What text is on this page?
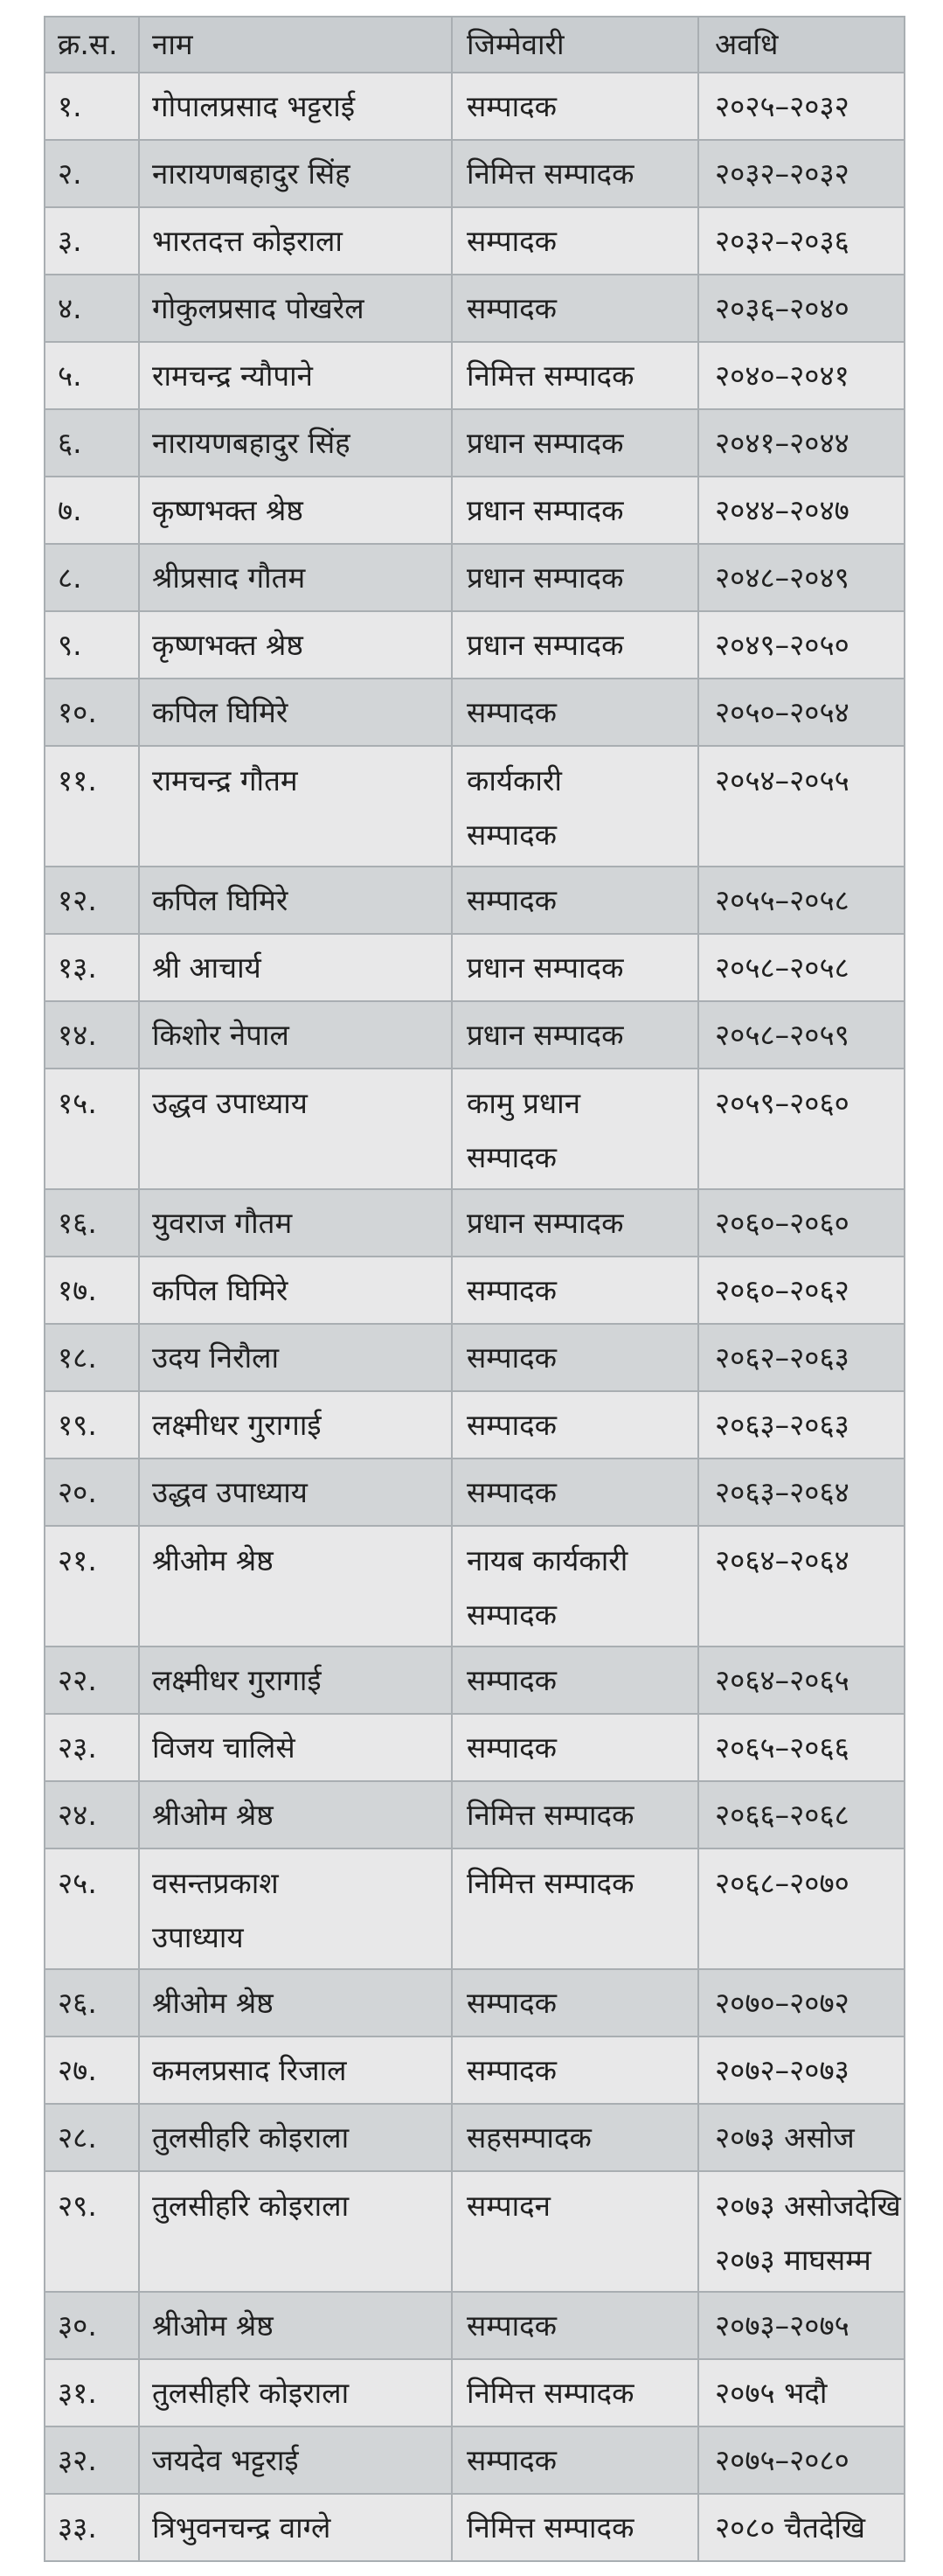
क्र.स.	नाम	जिम्मेवारी	अवधि
१.	गोपालप्रसाद भट्टराई	सम्पादक	२०२५–२०३२

२.	नारायणबहादुर सिंह	निमित्त सम्पादक	२०३२–२०३२

३.	भारतदत्त कोइराला	सम्पादक	२०३२–२०३६

४.	गोकुलप्रसाद पोखरेल	सम्पादक	२०३६–२०४०

५.	रामचन्द्र न्यौपाने	निमित्त सम्पादक	२०४०–२०४१

६.	नारायणबहादुर सिंह	प्रधान सम्पादक	२०४१–२०४४

७.	कृष्णभक्त श्रेष्ठ	प्रधान सम्पादक	२०४४–२०४७

८.	श्रीप्रसाद गौतम	प्रधान सम्पादक	२०४८–२०४९

९.	कृष्णभक्त श्रेष्ठ	प्रधान सम्पादक	२०४९–२०५०

१०.	कपिल घिमिरे	सम्पादक	२०५०–२०५४

११.	रामचन्द्र गौतम	कार्यकारी
सम्पादक	२०५४–२०५५

१२.	कपिल घिमिरे	सम्पादक	२०५५–२०५८

१३.	श्री आचार्य	प्रधान सम्पादक	२०५८–२०५८

१४.	किशोर नेपाल	प्रधान सम्पादक	२०५८–२०५९

१५.	उद्धव उपाध्याय	कामु प्रधान
सम्पादक	२०५९–२०६०

१६.	युवराज गौतम	प्रधान सम्पादक	२०६०–२०६०

१७.	कपिल घिमिरे	सम्पादक	२०६०–२०६२

१८.	उदय निरौला	सम्पादक	२०६२–२०६३

१९.	लक्ष्मीधर गुरागाई	सम्पादक	२०६३–२०६३

२०.	उद्धव उपाध्याय	सम्पादक	२०६३–२०६४

२१.	श्रीओम श्रेष्ठ	नायब कार्यकारी
सम्पादक	२०६४–२०६४

२२.	लक्ष्मीधर गुरागाई	सम्पादक	२०६४–२०६५

२३.	विजय चालिसे	सम्पादक	२०६५–२०६६

२४.	श्रीओम श्रेष्ठ	निमित्त सम्पादक	२०६६–२०६८

२५.	वसन्तप्रकाश
उपाध्याय	निमित्त सम्पादक	२०६८–२०७०

२६.	श्रीओम श्रेष्ठ	सम्पादक	२०७०–२०७२

२७.	कमलप्रसाद रिजाल	सम्पादक	२०७२–२०७३

२८.	तुलसीहरि कोइराला	सहसम्पादक	२०७३ असोज

२९.	तुलसीहरि कोइराला	सम्पादन	२०७३ असोजदेखि
२०७३ माघसम्म

३०.	श्रीओम श्रेष्ठ	सम्पादक	२०७३–२०७५

३१.	तुलसीहरि कोइराला	निमित्त सम्पादक	२०७५ भदौ

३२.	जयदेव भट्टराई	सम्पादक	२०७५–२०८०

३३.	त्रिभुवनचन्द्र वाग्ले	निमित्त सम्पादक	२०८० चैतदेखि
